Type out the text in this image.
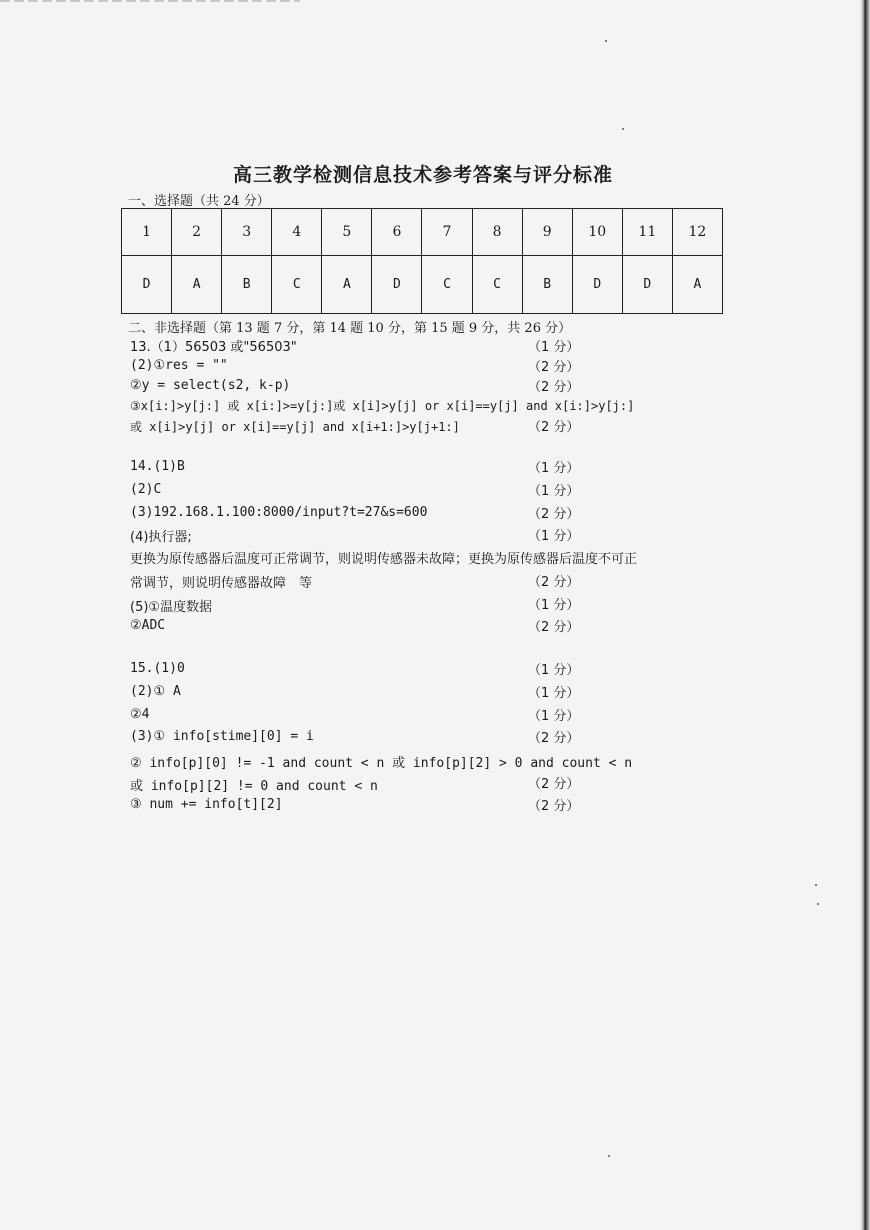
高三教学检测信息技术参考答案与评分标准
一、选择题（共 24 分）
1	2	3	4	5	6	7	8	9	10	11	12
D	A	B	C	A	D	C	C	B	D	D	A
二、非选择题（第 13 题 7 分，第 14 题 10 分，第 15 题 9 分，共 26 分）
13.（1）56503 或"56503"	（1 分）
(2)①res = ""	（2 分）
②y = select(s2, k-p)	（2 分）
③x[i:]>y[j:] 或 x[i:]>=y[j:]或 x[i]>y[j] or x[i]==y[j] and x[i:]>y[j:]
或 x[i]>y[j] or x[i]==y[j] and x[i+1:]>y[j+1:]	（2 分）
14.(1)B	（1 分）
(2)C	（1 分）
(3)192.168.1.100:8000/input?t=27&s=600	（2 分）
(4)执行器;	（1 分）
更换为原传感器后温度可正常调节，则说明传感器未故障；更换为原传感器后温度不可正
常调节，则说明传感器故障　等	（2 分）
(5)①温度数据	（1 分）
②ADC	（2 分）
15.(1)0	（1 分）
(2)① A	（1 分）
②4	（1 分）
(3)① info[stime][0] = i	（2 分）
② info[p][0] != -1 and count < n 或 info[p][2] > 0 and count < n
或 info[p][2] != 0 and count < n	（2 分）
③ num += info[t][2]	（2 分）
